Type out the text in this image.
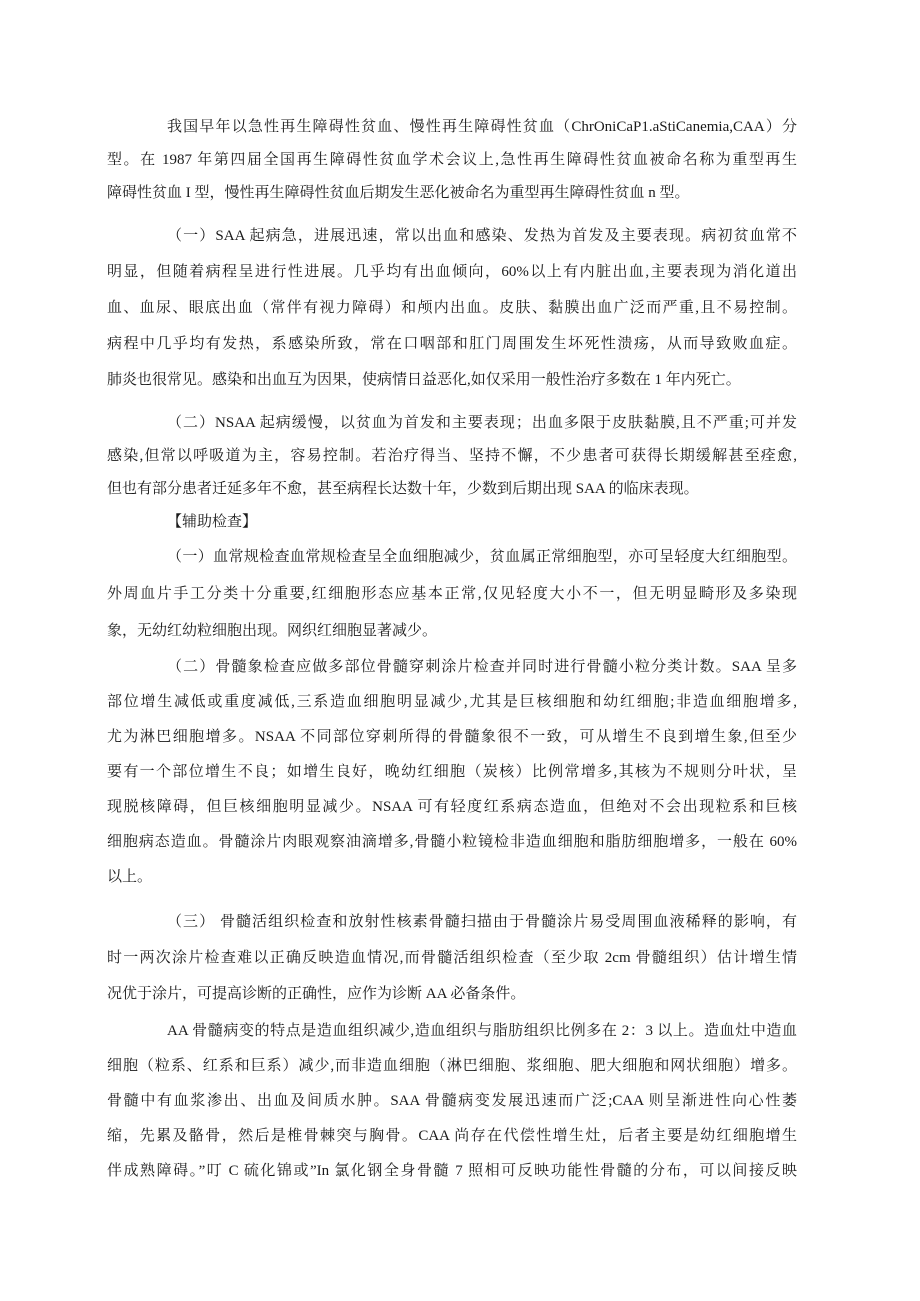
我国早年以急性再生障碍性贫血、慢性再生障碍性贫血（ChrOniCaP1.aStiCanemia,CAA）分
型。在 1987 年第四届全国再生障碍性贫血学术会议上,急性再生障碍性贫血被命名称为重型再生
障碍性贫血 I 型，慢性再生障碍性贫血后期发生恶化被命名为重型再生障碍性贫血 n 型。
（一）SAA 起病急，进展迅速，常以出血和感染、发热为首发及主要表现。病初贫血常不
明显，但随着病程呈进行性进展。几乎均有出血倾向，60%以上有内脏出血,主要表现为消化道出
血、血尿、眼底出血（常伴有视力障碍）和颅内出血。皮肤、黏膜出血广泛而严重,且不易控制。
病程中几乎均有发热，系感染所致，常在口咽部和肛门周围发生坏死性溃疡，从而导致败血症。
肺炎也很常见。感染和出血互为因果，使病情日益恶化,如仅采用一般性治疗多数在 1 年内死亡。
（二）NSAA 起病缓慢，以贫血为首发和主要表现；出血多限于皮肤黏膜,且不严重;可并发
感染,但常以呼吸道为主，容易控制。若治疗得当、坚持不懈，不少患者可获得长期缓解甚至痊愈,
但也有部分患者迁延多年不愈，甚至病程长达数十年，少数到后期出现 SAA 的临床表现。
【辅助检查】
（一）血常规检查血常规检查呈全血细胞减少，贫血属正常细胞型，亦可呈轻度大红细胞型。
外周血片手工分类十分重要,红细胞形态应基本正常,仅见轻度大小不一，但无明显畸形及多染现
象，无幼红幼粒细胞出现。网织红细胞显著减少。
（二）骨髓象检查应做多部位骨髓穿刺涂片检查并同时进行骨髓小粒分类计数。SAA 呈多
部位增生减低或重度减低,三系造血细胞明显减少,尤其是巨核细胞和幼红细胞;非造血细胞增多,
尤为淋巴细胞增多。NSAA 不同部位穿刺所得的骨髓象很不一致，可从增生不良到增生象,但至少
要有一个部位增生不良；如增生良好，晚幼红细胞（炭核）比例常增多,其核为不规则分叶状，呈
现脱核障碍，但巨核细胞明显减少。NSAA 可有轻度红系病态造血，但绝对不会出现粒系和巨核
细胞病态造血。骨髓涂片肉眼观察油滴增多,骨髓小粒镜检非造血细胞和脂肪细胞增多，一般在 60%
以上。
（三） 骨髓活组织检查和放射性核素骨髓扫描由于骨髓涂片易受周围血液稀释的影响，有
时一两次涂片检查难以正确反映造血情况,而骨髓活组织检查（至少取 2cm 骨髓组织）估计增生情
况优于涂片，可提高诊断的正确性，应作为诊断 AA 必备条件。
AA 骨髓病变的特点是造血组织减少,造血组织与脂肪组织比例多在 2：3 以上。造血灶中造血
细胞（粒系、红系和巨系）减少,而非造血细胞（淋巴细胞、浆细胞、肥大细胞和网状细胞）增多。
骨髓中有血浆渗出、出血及间质水肿。SAA 骨髓病变发展迅速而广泛;CAA 则呈渐进性向心性萎
缩，先累及骼骨，然后是椎骨棘突与胸骨。CAA 尚存在代偿性增生灶，后者主要是幼红细胞增生
伴成熟障碍。”叮 C 硫化锦或”In 氯化钢全身骨髓 7 照相可反映功能性骨髓的分布，可以间接反映
